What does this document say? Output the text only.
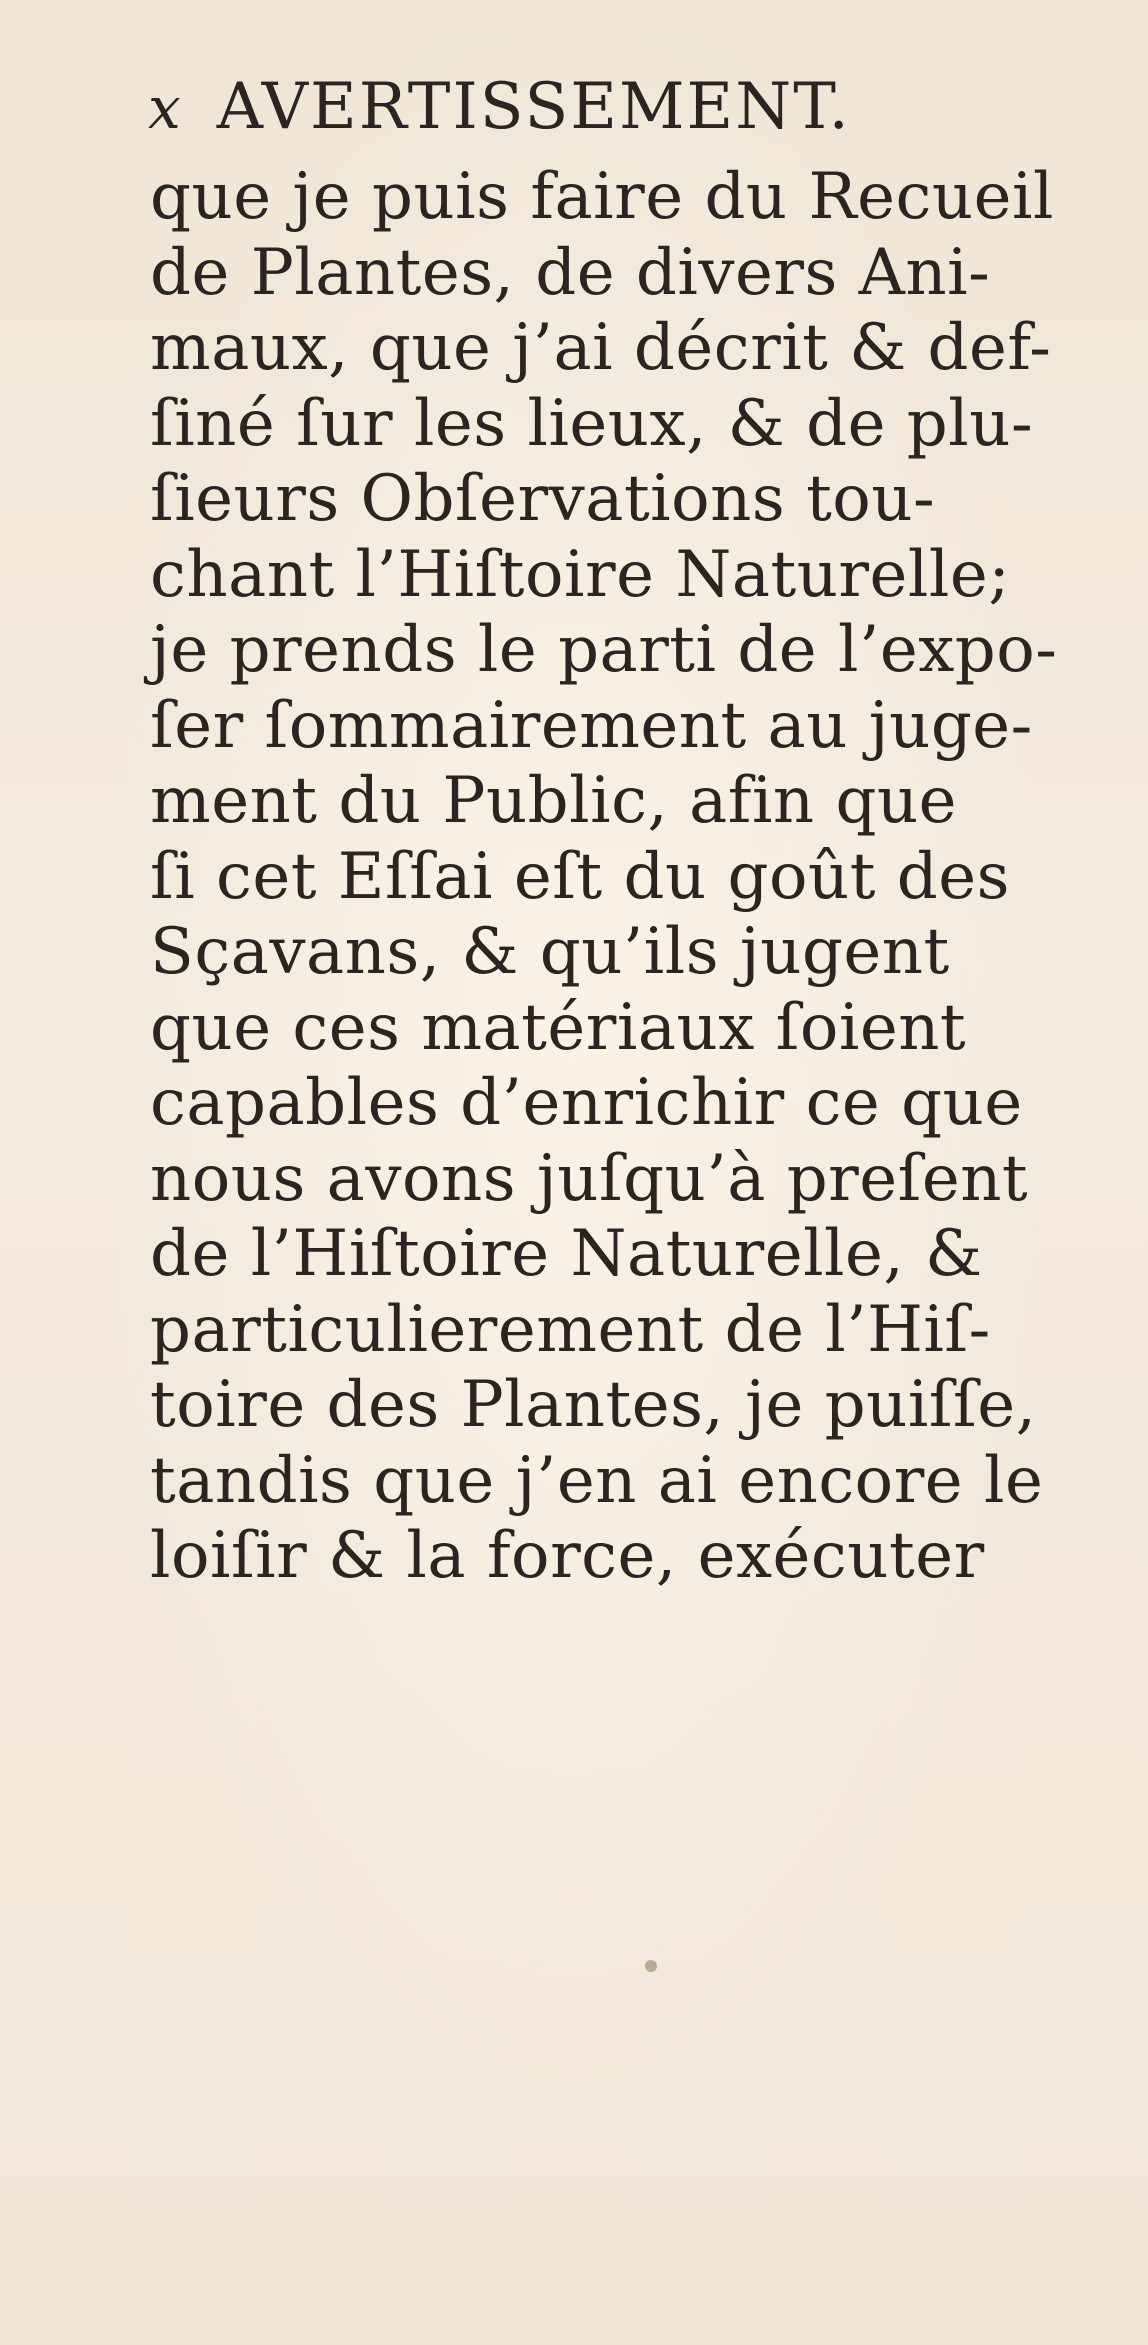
x AVERTISSEMENT.
que je puis faire du Recueil
de Plantes, de divers Ani-
maux, que j’ai décrit & def-
ſiné ſur les lieux, & de plu-
ſieurs Obſervations tou-
chant l’Hiſtoire Naturelle;
je prends le parti de l’expo-
ſer ſommairement au juge-
ment du Public, afin que
ſi cet Eſſai eſt du goût des
Sçavans, & qu’ils jugent
que ces matériaux ſoient
capables d’enrichir ce que
nous avons juſqu’à preſent
de l’Hiſtoire Naturelle, &
particulierement de l’Hiſ-
toire des Plantes, je puiſſe,
tandis que j’en ai encore le
loiſir & la force, exécuter
